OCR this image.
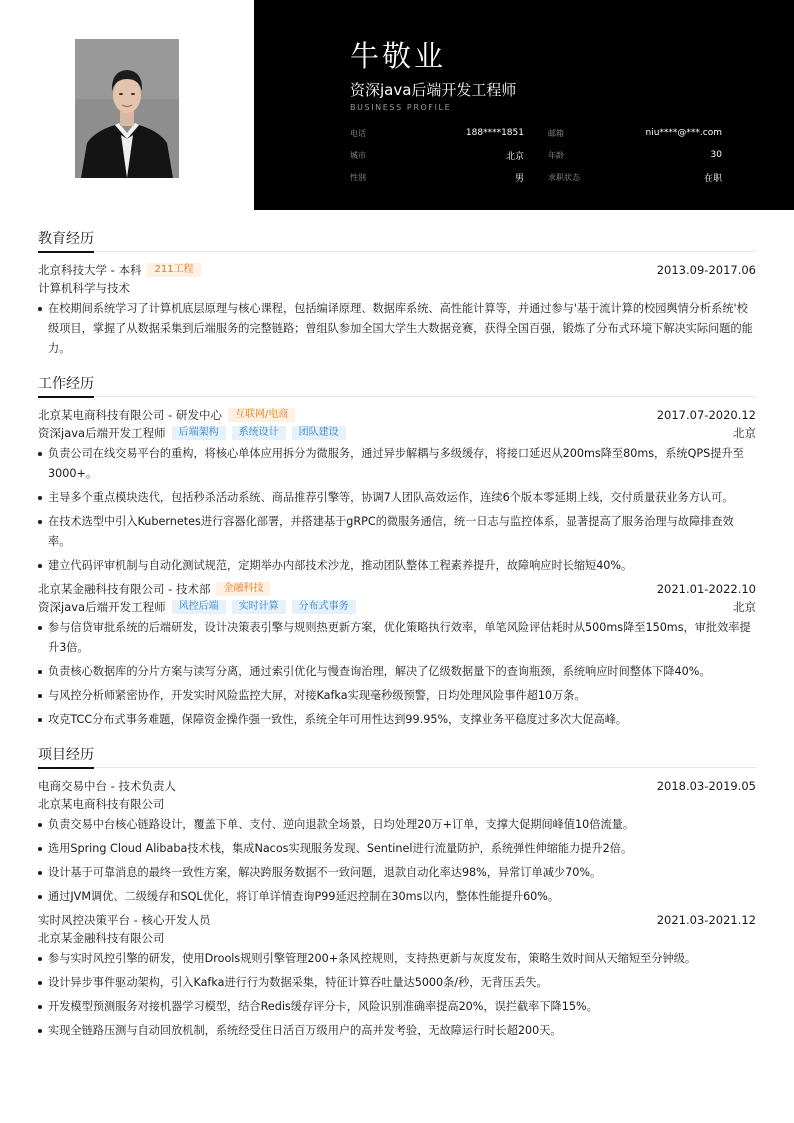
牛敬业
资深java后端开发工程师
BUSINESS PROFILE
电话	188****1851	邮箱	niu****@***.com
城市	北京	年龄	30
性别	男	求职状态	在职
教育经历
北京科技大学 - 本科	211工程	2013.09-2017.06
计算机科学与技术
在校期间系统学习了计算机底层原理与核心课程，包括编译原理、数据库系统、高性能计算等，并通过参与'基于流计算的校园舆情分析系统'校级项目，掌握了从数据采集到后端服务的完整链路；曾组队参加全国大学生大数据竞赛，获得全国百强，锻炼了分布式环境下解决实际问题的能力。
工作经历
北京某电商科技有限公司 - 研发中心	互联网/电商	2017.07-2020.12
资深java后端开发工程师	后端架构	系统设计	团队建设	北京
负责公司在线交易平台的重构，将核心单体应用拆分为微服务，通过异步解耦与多级缓存，将接口延迟从200ms降至80ms，系统QPS提升至3000+。
主导多个重点模块迭代，包括秒杀活动系统、商品推荐引擎等，协调7人团队高效运作，连续6个版本零延期上线，交付质量获业务方认可。
在技术选型中引入Kubernetes进行容器化部署，并搭建基于gRPC的微服务通信，统一日志与监控体系，显著提高了服务治理与故障排查效率。
建立代码评审机制与自动化测试规范，定期举办内部技术沙龙，推动团队整体工程素养提升，故障响应时长缩短40%。
北京某金融科技有限公司 - 技术部	金融科技	2021.01-2022.10
资深java后端开发工程师	风控后端	实时计算	分布式事务	北京
参与信贷审批系统的后端研发，设计决策表引擎与规则热更新方案，优化策略执行效率，单笔风险评估耗时从500ms降至150ms，审批效率提升3倍。
负责核心数据库的分片方案与读写分离，通过索引优化与慢查询治理，解决了亿级数据量下的查询瓶颈，系统响应时间整体下降40%。
与风控分析师紧密协作，开发实时风险监控大屏，对接Kafka实现毫秒级预警，日均处理风险事件超10万条。
攻克TCC分布式事务难题，保障资金操作强一致性，系统全年可用性达到99.95%，支撑业务平稳度过多次大促高峰。
项目经历
电商交易中台 - 技术负责人	2018.03-2019.05
北京某电商科技有限公司
负责交易中台核心链路设计，覆盖下单、支付、逆向退款全场景，日均处理20万+订单，支撑大促期间峰值10倍流量。
选用Spring Cloud Alibaba技术栈，集成Nacos实现服务发现、Sentinel进行流量防护，系统弹性伸缩能力提升2倍。
设计基于可靠消息的最终一致性方案，解决跨服务数据不一致问题，退款自动化率达98%，异常订单减少70%。
通过JVM调优、二级缓存和SQL优化，将订单详情查询P99延迟控制在30ms以内，整体性能提升60%。
实时风控决策平台 - 核心开发人员	2021.03-2021.12
北京某金融科技有限公司
参与实时风控引擎的研发，使用Drools规则引擎管理200+条风控规则，支持热更新与灰度发布，策略生效时间从天缩短至分钟级。
设计异步事件驱动架构，引入Kafka进行行为数据采集，特征计算吞吐量达5000条/秒，无背压丢失。
开发模型预测服务对接机器学习模型，结合Redis缓存评分卡，风险识别准确率提高20%，误拦截率下降15%。
实现全链路压测与自动回放机制，系统经受住日活百万级用户的高并发考验，无故障运行时长超200天。
